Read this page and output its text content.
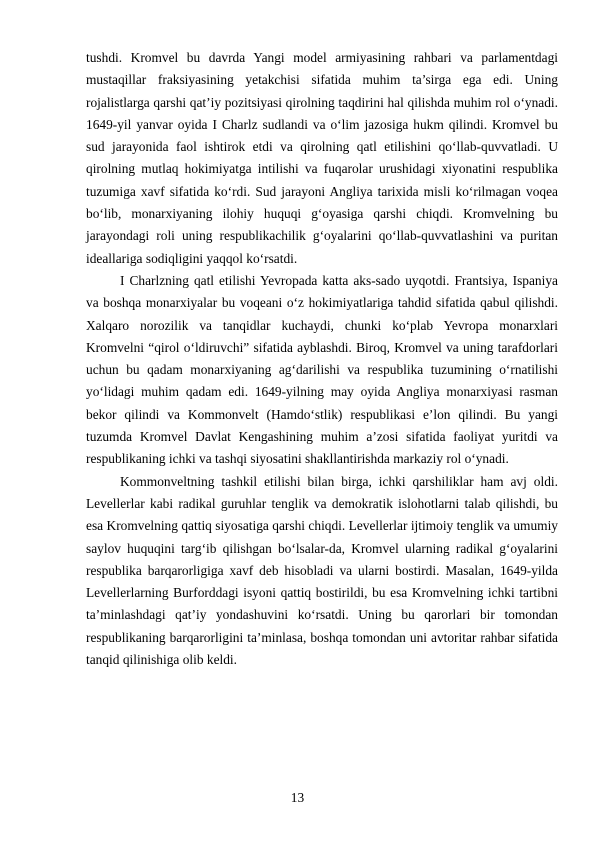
tushdi. Kromvel bu davrda Yangi model armiyasining rahbari va parlamentdagi mustaqillar fraksiyasining yetakchisi sifatida muhim ta’sirga ega edi. Uning rojalistlarga qarshi qat’iy pozitsiyasi qirolning taqdirini hal qilishda muhim rol o‘ynadi. 1649-yil yanvar oyida I Charlz sudlandi va o‘lim jazosiga hukm qilindi. Kromvel bu sud jarayonida faol ishtirok etdi va qirolning qatl etilishini qo‘llab-quvvatladi. U qirolning mutlaq hokimiyatga intilishi va fuqarolar urushidagi xiyonatini respublika tuzumiga xavf sifatida ko‘rdi. Sud jarayoni Angliya tarixida misli ko‘rilmagan voqea bo‘lib, monarxiyaning ilohiy huquqi g‘oyasiga qarshi chiqdi. Kromvelning bu jarayondagi roli uning respublikachilik g‘oyalarini qo‘llab-quvvatlashini va puritan ideallariga sodiqligini yaqqol ko‘rsatdi.

I Charlzning qatl etilishi Yevropada katta aks-sado uyqotdi. Frantsiya, Ispaniya va boshqa monarxiyalar bu voqeani o‘z hokimiyatlariga tahdid sifatida qabul qilishdi. Xalqaro norozilik va tanqidlar kuchaydi, chunki ko‘plab Yevropa monarxlari Kromvelni “qirol o‘ldiruvchi” sifatida ayblashdi. Biroq, Kromvel va uning tarafdorlari uchun bu qadam monarxiyaning ag‘darilishi va respublika tuzumining o‘rnatilishi yo‘lidagi muhim qadam edi. 1649-yilning may oyida Angliya monarxiyasi rasman bekor qilindi va Kommonvelt (Hamdo‘stlik) respublikasi e’lon qilindi. Bu yangi tuzumda Kromvel Davlat Kengashining muhim a’zosi sifatida faoliyat yuritdi va respublikaning ichki va tashqi siyosatini shakllantirishda markaziy rol o‘ynadi.

Kommonveltning tashkil etilishi bilan birga, ichki qarshiliklar ham avj oldi. Levellerlar kabi radikal guruhlar tenglik va demokratik islohotlarni talab qilishdi, bu esa Kromvelning qattiq siyosatiga qarshi chiqdi. Levellerlar ijtimoiy tenglik va umumiy saylov huquqini targ‘ib qilishgan bo‘lsalar-da, Kromvel ularning radikal g‘oyalarini respublika barqarorligiga xavf deb hisobladi va ularni bostirdi. Masalan, 1649-yilda Levellerlarning Burforddagi isyoni qattiq bostirildi, bu esa Kromvelning ichki tartibni ta’minlashdagi qat’iy yondashuvini ko‘rsatdi. Uning bu qarorlari bir tomondan respublikaning barqarorligini ta’minlasa, boshqa tomondan uni avtoritar rahbar sifatida tanqid qilinishiga olib keldi.

13
